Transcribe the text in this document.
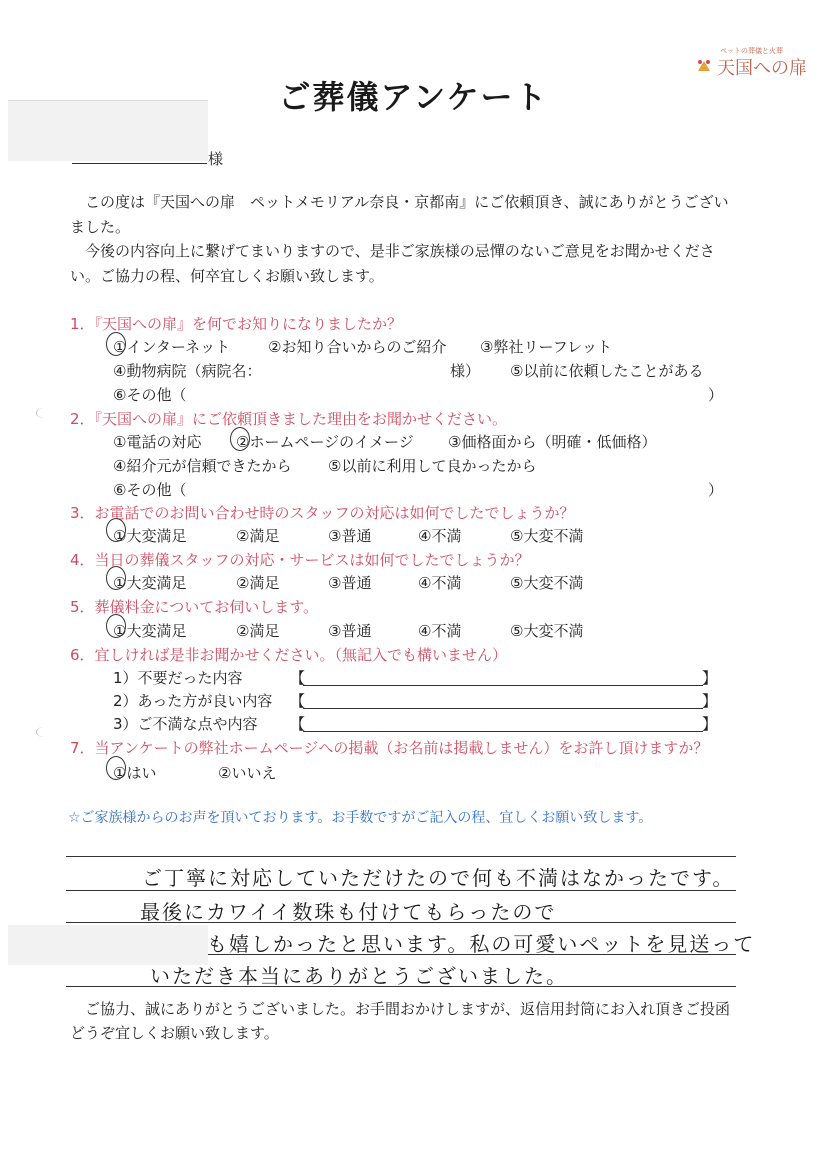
ペットの葬儀と火葬
天国への扉
ご葬儀アンケート
様

この度は『天国への扉　ペットメモリアル奈良・京都南』にご依頼頂き、誠にありがとうございました。

今後の内容向上に繋げてまいりますので、是非ご家族様の忌憚のないご意見をお聞かせください。ご協力の程、何卒宜しくお願い致します。

1．『天国への扉』を何でお知りになりましたか？
①インターネット	②お知り合いからのご紹介 ③弊社リーフレット
④動物病院（病院名：	様） ⑤以前に依頼したことがある
⑥その他（	）
2．『天国への扉』にご依頼頂きました理由をお聞かせください。
①電話の対応 ②ホームページのイメージ ③価格面から（明確・低価格）
④紹介元が信頼できたから ⑤以前に利用して良かったから
⑥その他（	）
3．お電話でのお問い合わせ時のスタッフの対応は如何でしたでしょうか？
①大変満足	②満足	③普通	④不満	⑤大変不満
4．当日の葬儀スタッフの対応・サービスは如何でしたでしょうか？
①大変満足	②満足	③普通	④不満	⑤大変不満
5．葬儀料金についてお伺いします。
①大変満足	②満足	③普通	④不満	⑤大変不満
6．宜しければ是非お聞かせください。（無記入でも構いません）
1）不要だった内容	【	】
2）あった方が良い内容 【	】
3）ご不満な点や内容 【	】
7．当アンケートの弊社ホームページへの掲載（お名前は掲載しません）をお許し頂けますか？
①はい	②いいえ
☆ご家族様からのお声を頂いております。お手数ですがご記入の程、宜しくお願い致します。
ご丁寧に対応していただけたので何も不満はなかったです。
最後にカワイイ数珠も付けてもらったので
も嬉しかったと思います。私の可愛いペットを見送って
いただき本当にありがとうございました。

ご協力、誠にありがとうございました。お手間おかけしますが、返信用封筒にお入れ頂きご投函どうぞ宜しくお願い致します。
